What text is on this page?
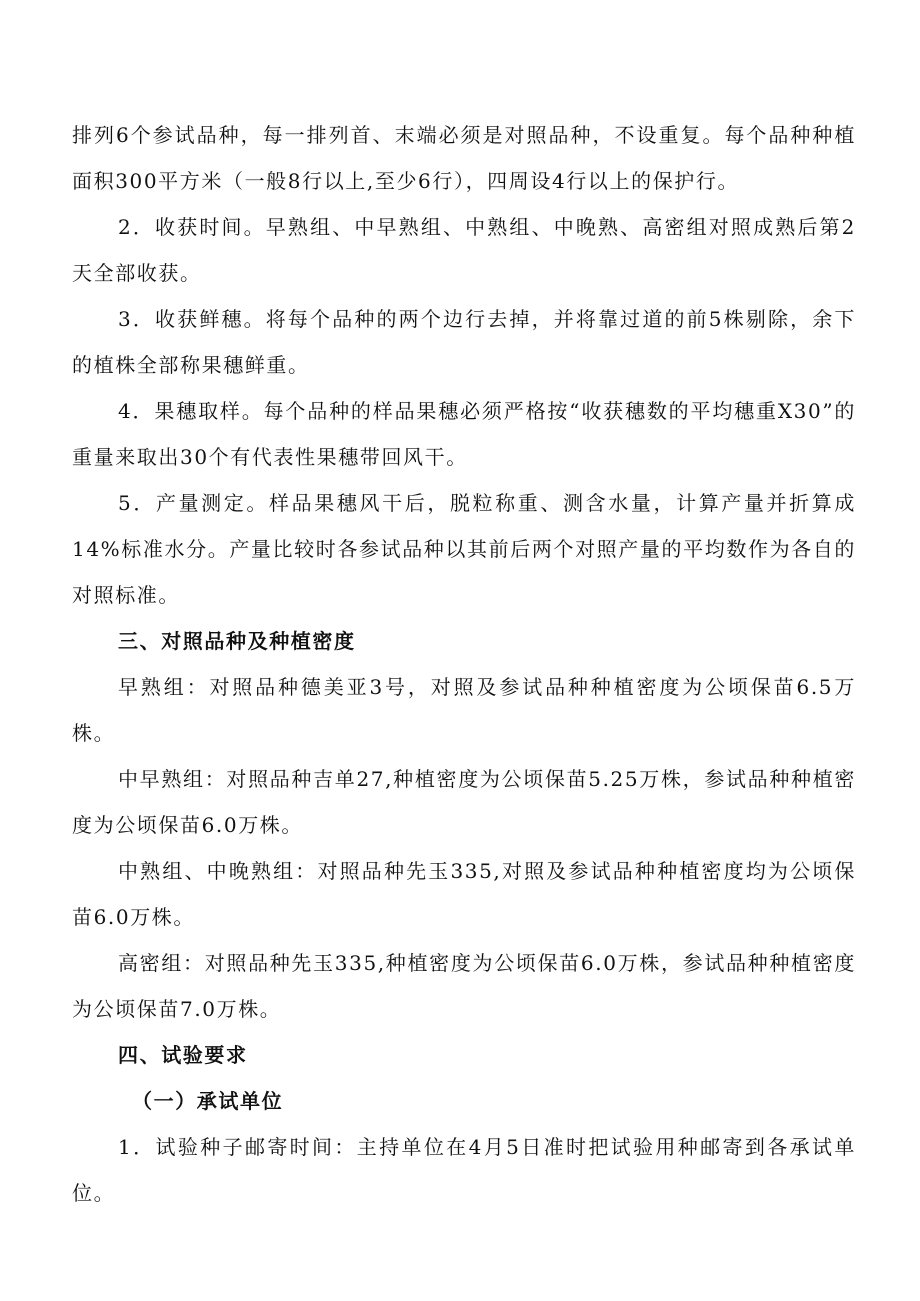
排列6个参试品种，每一排列首、末端必须是对照品种，不设重复。每个品种种植面积300平方米（一般8行以上,至少6行），四周设4行以上的保护行。

2．收获时间。早熟组、中早熟组、中熟组、中晚熟、高密组对照成熟后第2天全部收获。

3．收获鲜穗。将每个品种的两个边行去掉，并将靠过道的前5株剔除，余下的植株全部称果穗鲜重。

4．果穗取样。每个品种的样品果穗必须严格按“收获穗数的平均穗重X30”的重量来取出30个有代表性果穗带回风干。

5．产量测定。样品果穗风干后，脱粒称重、测含水量，计算产量并折算成14%标准水分。产量比较时各参试品种以其前后两个对照产量的平均数作为各自的对照标准。

三、对照品种及种植密度

早熟组：对照品种德美亚3号，对照及参试品种种植密度为公顷保苗6.5万株。

中早熟组：对照品种吉单27,种植密度为公顷保苗5.25万株，参试品种种植密度为公顷保苗6.0万株。

中熟组、中晚熟组：对照品种先玉335,对照及参试品种种植密度均为公顷保苗6.0万株。

高密组：对照品种先玉335,种植密度为公顷保苗6.0万株，参试品种种植密度为公顷保苗7.0万株。

四、试验要求

（一）承试单位

1．试验种子邮寄时间：主持单位在4月5日准时把试验用种邮寄到各承试单位。
